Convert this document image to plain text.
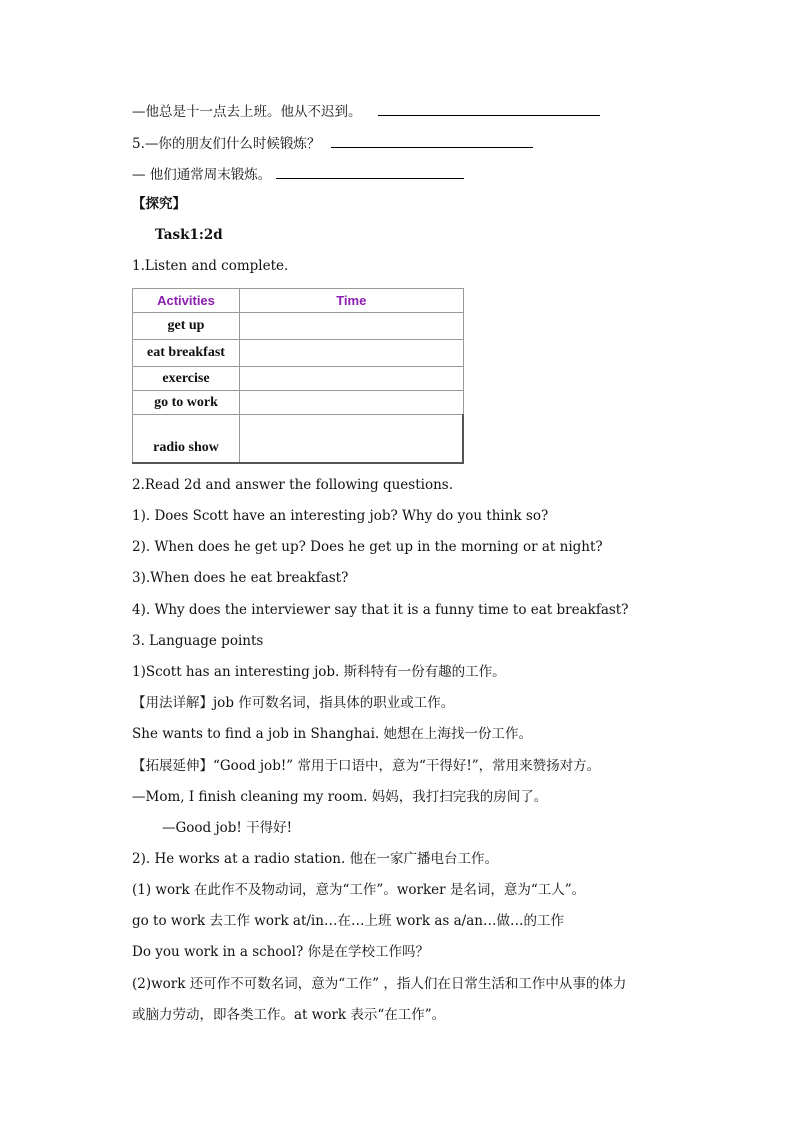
—他总是十一点去上班。他从不迟到。
5.—你的朋友们什么时候锻炼？
— 他们通常周末锻炼。
【探究】
Task1:2d
1.Listen and complete.
Activities	Time
get up	
eat breakfast	
exercise	
go to work	
radio show	
2.Read 2d and answer the following questions.
1). Does Scott have an interesting job? Why do you think so?
2). When does he get up? Does he get up in the morning or at night?
3).When does he eat breakfast?
4). Why does the interviewer say that it is a funny time to eat breakfast?
3. Language points
1)Scott has an interesting job. 斯科特有一份有趣的工作。
【用法详解】job 作可数名词，指具体的职业或工作。
She wants to find a job in Shanghai. 她想在上海找一份工作。
【拓展延伸】“Good job!” 常用于口语中，意为“干得好!”，常用来赞扬对方。
—Mom, I finish cleaning my room. 妈妈，我打扫完我的房间了。
—Good job! 干得好!
2). He works at a radio station. 他在一家广播电台工作。
(1) work 在此作不及物动词，意为“工作”。worker 是名词，意为“工人”。
go to work 去工作 work at/in…在…上班 work as a/an…做…的工作
Do you work in a school? 你是在学校工作吗？
(2)work 还可作不可数名词，意为“工作” ，指人们在日常生活和工作中从事的体力
或脑力劳动，即各类工作。at work 表示“在工作”。
